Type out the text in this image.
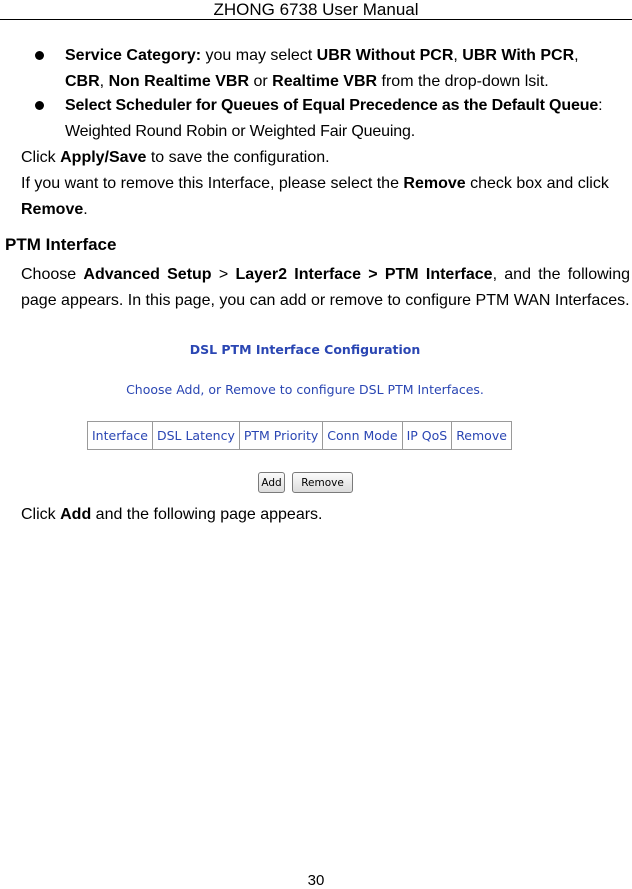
ZHONG 6738 User Manual
Service Category: you may select UBR Without PCR, UBR With PCR,
CBR, Non Realtime VBR or Realtime VBR from the drop-down lsit.
Select Scheduler for Queues of Equal Precedence as the Default Queue: Weighted Round Robin or Weighted Fair Queuing.
Click Apply/Save to save the configuration.
If you want to remove this Interface, please select the Remove check box and click
Remove.
PTM Interface
Choose Advanced Setup > Layer2 Interface > PTM Interface, and the following page appears. In this page, you can add or remove to configure PTM WAN Interfaces.
DSL PTM Interface Configuration
Choose Add, or Remove to configure DSL PTM Interfaces.
Interface	DSL Latency	PTM Priority	Conn Mode	IP QoS	Remove
Add	Remove
Click Add and the following page appears.
30
